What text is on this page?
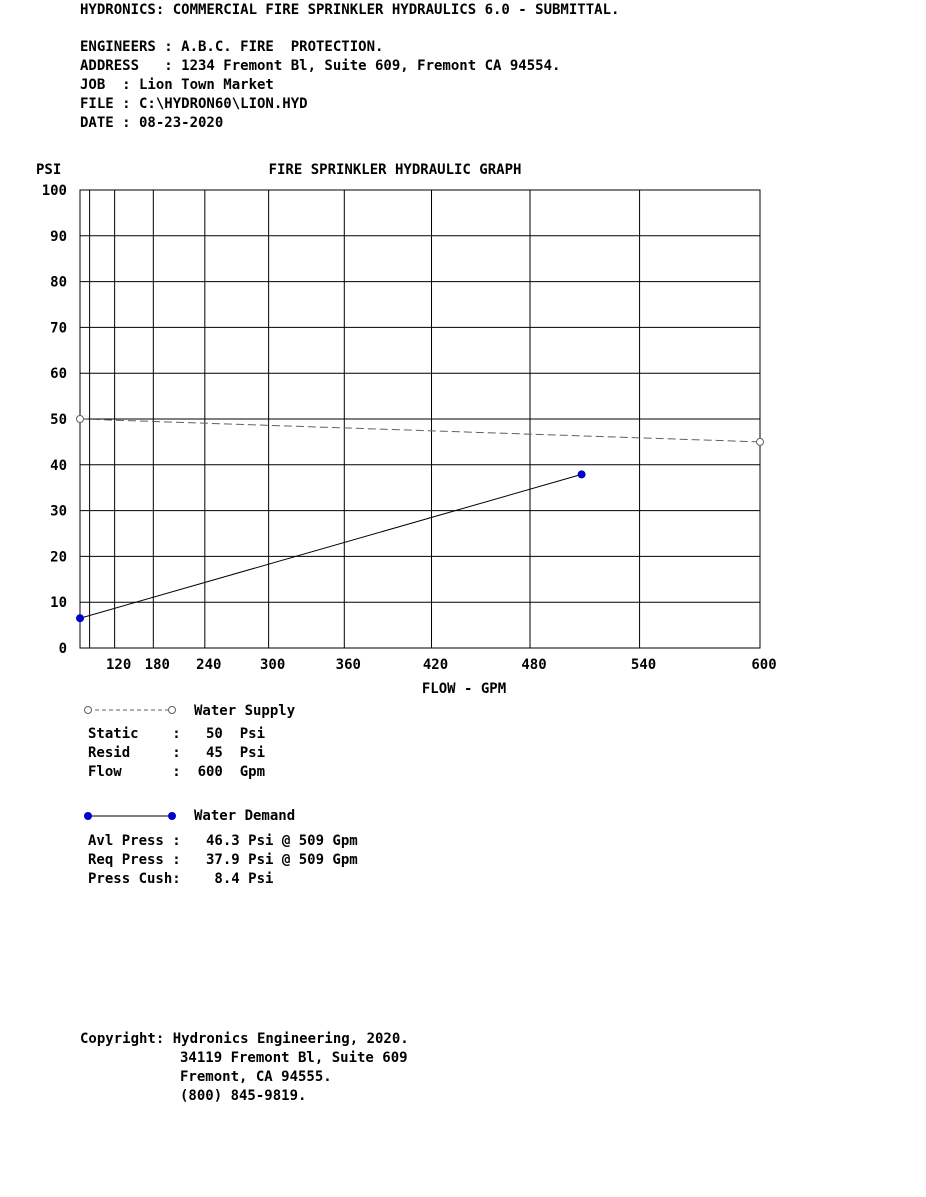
HYDRONICS: COMMERCIAL FIRE SPRINKLER HYDRAULICS 6.0 - SUBMITTAL.
ENGINEERS : A.B.C. FIRE  PROTECTION.
ADDRESS   : 1234 Fremont Bl, Suite 609, Fremont CA 94554.
JOB  : Lion Town Market
FILE : C:\HYDRON60\LION.HYD
DATE : 08-23-2020
PSI	FIRE SPRINKLER HYDRAULIC GRAPH
FLOW - GPM
120 180 240	300	360	420	480	540	600
100
90
80
70
60
50
40
30
20
10
0
Water Supply
Static    :   50  Psi
Resid     :   45  Psi
Flow      :  600  Gpm
Water Demand
Avl Press :   46.3 Psi @ 509 Gpm
Req Press :   37.9 Psi @ 509 Gpm
Press Cush:    8.4 Psi
Copyright: Hydronics Engineering, 2020.
34119 Fremont Bl, Suite 609
Fremont, CA 94555.
(800) 845-9819.
